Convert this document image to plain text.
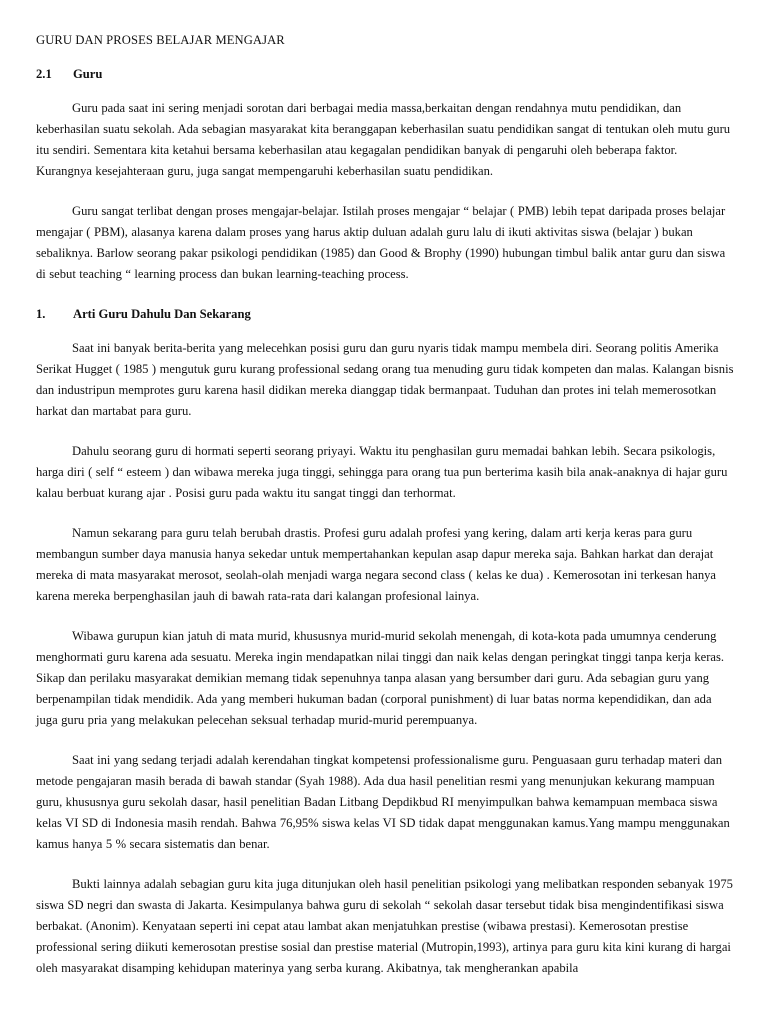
GURU DAN PROSES BELAJAR MENGAJAR

2.1	Guru

Guru pada saat ini sering menjadi sorotan dari berbagai media massa,berkaitan dengan rendahnya mutu pendidikan, dan keberhasilan suatu sekolah. Ada sebagian masyarakat kita beranggapan keberhasilan suatu pendidikan sangat di tentukan oleh mutu guru itu sendiri. Sementara kita ketahui bersama keberhasilan atau kegagalan pendidikan banyak di pengaruhi oleh beberapa faktor. Kurangnya kesejahteraan guru, juga sangat mempengaruhi keberhasilan suatu pendidikan.

Guru sangat terlibat dengan proses mengajar-belajar. Istilah proses mengajar “ belajar ( PMB) lebih tepat daripada proses belajar mengajar ( PBM), alasanya karena dalam proses yang harus aktip duluan adalah guru lalu di ikuti aktivitas siswa (belajar ) bukan sebaliknya. Barlow seorang pakar psikologi pendidikan (1985) dan Good & Brophy (1990) hubungan timbul balik antar guru dan siswa di sebut teaching “ learning process dan bukan learning-teaching process.

1.	Arti Guru Dahulu Dan Sekarang

Saat ini banyak berita-berita yang melecehkan posisi guru dan guru nyaris tidak mampu membela diri. Seorang politis Amerika Serikat Hugget ( 1985 ) mengutuk guru kurang professional sedang orang tua menuding guru tidak kompeten dan malas. Kalangan bisnis dan industripun memprotes guru karena hasil didikan mereka dianggap tidak bermanpaat. Tuduhan dan protes ini telah memerosotkan harkat dan martabat para guru.

Dahulu seorang guru di hormati seperti seorang priyayi. Waktu itu penghasilan guru memadai bahkan lebih. Secara psikologis, harga diri ( self “ esteem ) dan wibawa mereka juga tinggi, sehingga para orang tua pun berterima kasih bila anak-anaknya di hajar guru kalau berbuat kurang ajar . Posisi guru pada waktu itu sangat tinggi dan terhormat.

Namun sekarang para guru telah berubah drastis. Profesi guru adalah profesi yang kering, dalam arti kerja keras para guru membangun sumber daya manusia hanya sekedar untuk mempertahankan kepulan asap dapur mereka saja. Bahkan harkat dan derajat mereka di mata masyarakat merosot, seolah-olah menjadi warga negara second class ( kelas ke dua) . Kemerosotan ini terkesan hanya karena mereka berpenghasilan jauh di bawah rata-rata dari kalangan profesional lainya.

Wibawa gurupun kian jatuh di mata murid, khususnya murid-murid sekolah menengah, di kota-kota pada umumnya cenderung menghormati guru karena ada sesuatu. Mereka ingin mendapatkan nilai tinggi dan naik kelas dengan peringkat tinggi tanpa kerja keras. Sikap dan perilaku masyarakat demikian memang tidak sepenuhnya tanpa alasan yang bersumber dari guru. Ada sebagian guru yang berpenampilan tidak mendidik. Ada yang memberi hukuman badan (corporal punishment) di luar batas norma kependidikan, dan ada juga guru pria yang melakukan pelecehan seksual terhadap murid-murid perempuanya.

Saat ini yang sedang terjadi adalah kerendahan tingkat kompetensi professionalisme guru. Penguasaan guru terhadap materi dan metode pengajaran masih berada di bawah standar (Syah 1988). Ada dua hasil penelitian resmi yang menunjukan kekurang mampuan guru, khususnya guru sekolah dasar, hasil penelitian Badan Litbang Depdikbud RI menyimpulkan bahwa kemampuan membaca siswa kelas VI SD di Indonesia masih rendah. Bahwa 76,95% siswa kelas VI SD tidak dapat menggunakan kamus.Yang mampu menggunakan kamus hanya 5 % secara sistematis dan benar.

Bukti lainnya adalah sebagian guru kita juga ditunjukan oleh hasil penelitian psikologi yang melibatkan responden sebanyak 1975 siswa SD negri dan swasta di Jakarta. Kesimpulanya bahwa guru di sekolah “ sekolah dasar tersebut tidak bisa mengindentifikasi siswa berbakat. (Anonim). Kenyataan seperti ini cepat atau lambat akan menjatuhkan prestise (wibawa prestasi). Kemerosotan prestise professional sering diikuti kemerosotan prestise sosial dan prestise material (Mutropin,1993), artinya para guru kita kini kurang di hargai oleh masyarakat disamping kehidupan materinya yang serba kurang. Akibatnya, tak mengherankan apabila
